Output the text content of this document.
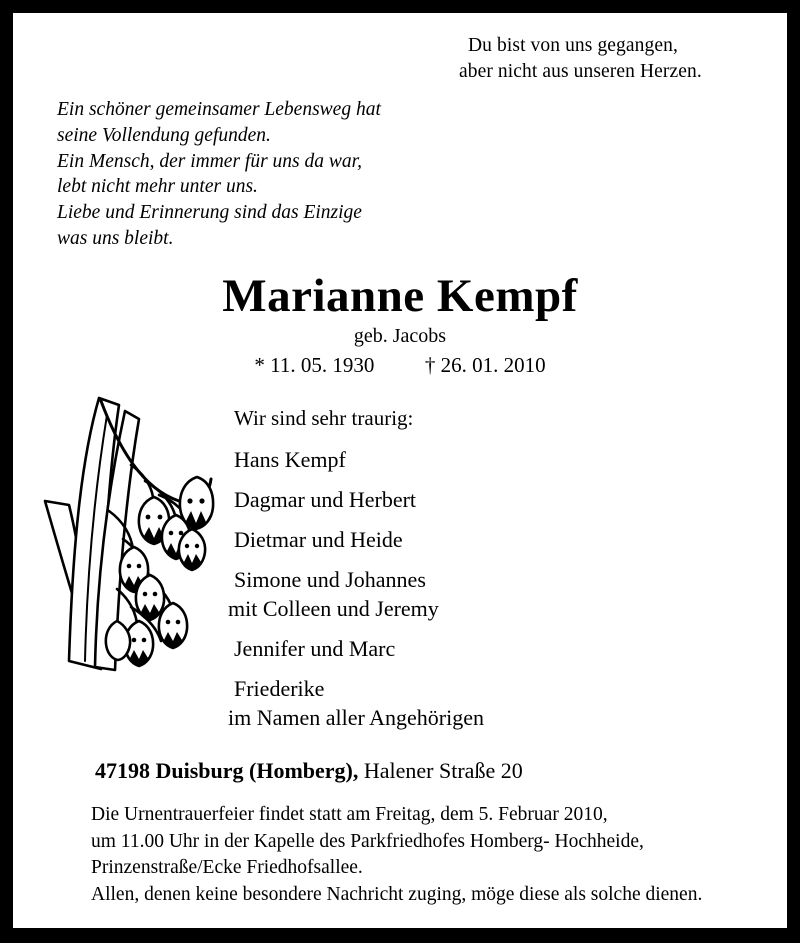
Du bist von uns gegangen,
aber nicht aus unseren Herzen.
Ein schöner gemeinsamer Lebensweg hat
seine Vollendung gefunden.
Ein Mensch, der immer für uns da war,
lebt nicht mehr unter uns.
Liebe und Erinnerung sind das Einzige
was uns bleibt.
Marianne Kempf
geb. Jacobs
* 11. 05. 1930 † 26. 01. 2010
Wir sind sehr traurig:
Hans Kempf
Dagmar und Herbert
Dietmar und Heide
Simone und Johannes
mit Colleen und Jeremy
Jennifer und Marc
Friederike
im Namen aller Angehörigen
47198 Duisburg (Homberg), Halener Straße 20
Die Urnentrauerfeier findet statt am Freitag, dem 5. Februar 2010,
um 11.00 Uhr in der Kapelle des Parkfriedhofes Homberg- Hochheide,
Prinzenstraße/Ecke Friedhofsallee.
Allen, denen keine besondere Nachricht zuging, möge diese als solche dienen.
